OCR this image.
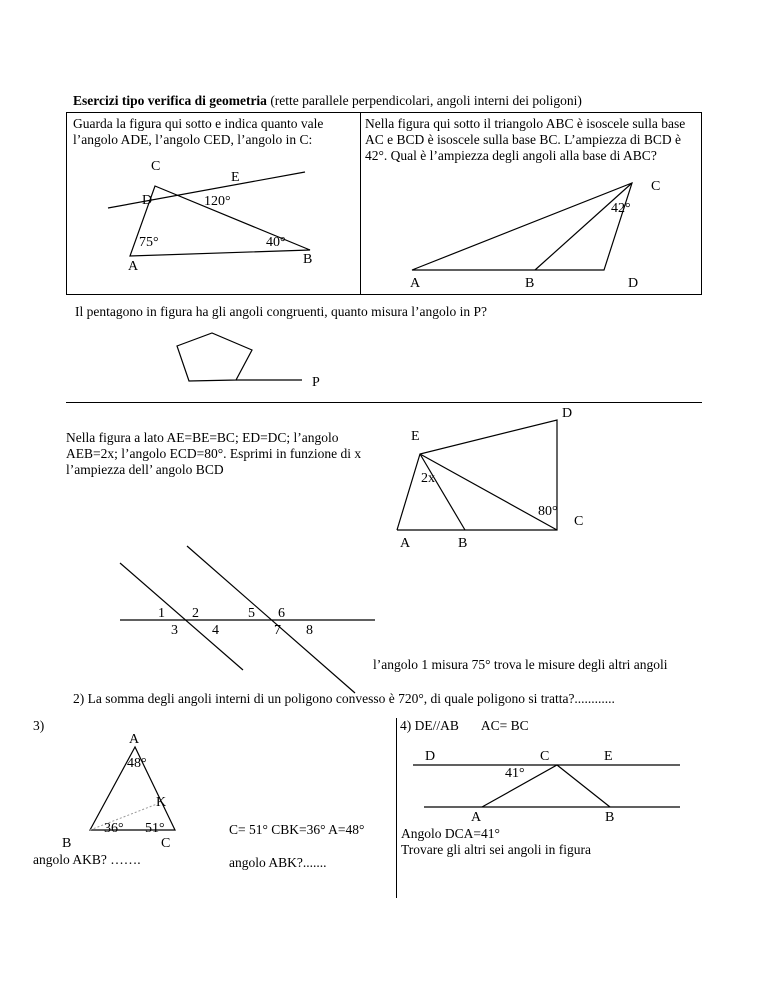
Esercizi tipo verifica di geometria (rette parallele perpendicolari, angoli interni dei poligoni)
Guarda la figura qui sotto e indica quanto vale l’angolo ADE, l’angolo CED, l’angolo in C:
C
E
D	120°
75°	40°
A	B
Nella figura qui sotto il triangolo ABC è isoscele sulla base AC e BCD è isoscele sulla base BC. L’ampiezza di BCD è 42°. Qual è l’ampiezza degli angoli alla base di ABC?
C
42°
A	B	D
Il pentagono in figura ha gli angoli congruenti, quanto misura l’angolo in P?
P
Nella figura a lato AE=BE=BC; ED=DC; l’angolo AEB=2x; l’angolo ECD=80°. Esprimi in funzione di x l’ampiezza dell’ angolo BCD
D
E
2x
80°
C
A	B
1 2
3 4
5 6
7 8
l’angolo 1 misura 75° trova le misure degli altri angoli
2) La somma degli angoli interni di un poligono convesso è 720°, di quale poligono si tratta?............
3)
A
48°
K
36° 51°
B	C
angolo AKB? …….
C= 51° CBK=36° A=48°
angolo ABK?.......
4) DE//AB AC= BC
D	C	E
41°
A	B
Angolo DCA=41°
Trovare gli altri sei angoli in figura
